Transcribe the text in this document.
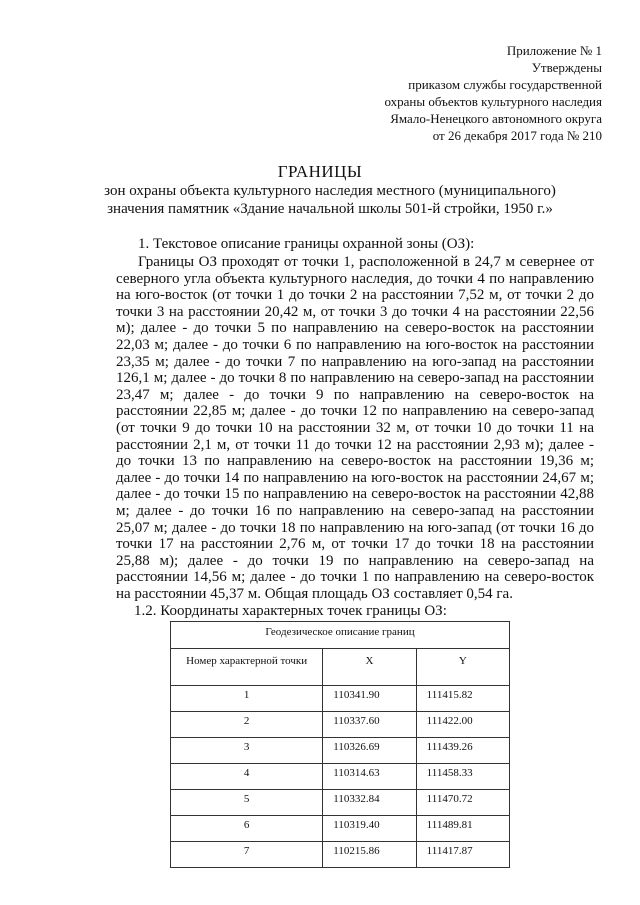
Приложение № 1
Утверждены
приказом службы государственной
охраны объектов культурного наследия
Ямало-Ненецкого автономного округа
от 26 декабря 2017 года № 210
ГРАНИЦЫ
зон охраны объекта культурного наследия местного (муниципального)
значения памятник «Здание начальной школы 501-й стройки, 1950 г.»
1. Текстовое описание границы охранной зоны (ОЗ):
Границы ОЗ проходят от точки 1, расположенной в 24,7 м севернее от северного угла объекта культурного наследия, до точки 4 по направлению на юго-восток (от точки 1 до точки 2 на расстоянии 7,52 м, от точки 2 до точки 3 на расстоянии 20,42 м, от точки 3 до точки 4 на расстоянии 22,56 м); далее - до точки 5 по направлению на северо-восток на расстоянии 22,03 м; далее - до точки 6 по направлению на юго-восток на расстоянии 23,35 м; далее - до точки 7 по направлению на юго-запад на расстоянии 126,1 м; далее - до точки 8 по направлению на северо-запад на расстоянии 23,47 м; далее - до точки 9 по направлению на северо-восток на расстоянии 22,85 м; далее - до точки 12 по направлению на северо-запад (от точки 9 до точки 10 на расстоянии 32 м, от точки 10 до точки 11 на расстоянии 2,1 м, от точки 11 до точки 12 на расстоянии 2,93 м); далее - до точки 13 по направлению на северо-восток на расстоянии 19,36 м; далее - до точки 14 по направлению на юго-восток на расстоянии 24,67 м; далее - до точки 15 по направлению на северо-восток на расстоянии 42,88 м; далее - до точки 16 по направлению на северо-запад на расстоянии 25,07 м; далее - до точки 18 по направлению на юго-запад (от точки 16 до точки 17 на расстоянии 2,76 м, от точки 17 до точки 18 на расстоянии 25,88 м); далее - до точки 19 по направлению на северо-запад на расстоянии 14,56 м; далее - до точки 1 по направлению на северо-восток на расстоянии 45,37 м. Общая площадь ОЗ составляет 0,54 га.
1.2. Координаты характерных точек границы ОЗ:
Геодезическое описание границ		
Номер характерной точки	X	Y
1	110341.90	111415.82
2	110337.60	111422.00
3	110326.69	111439.26
4	110314.63	111458.33
5	110332.84	111470.72
6	110319.40	111489.81
7	110215.86	111417.87
